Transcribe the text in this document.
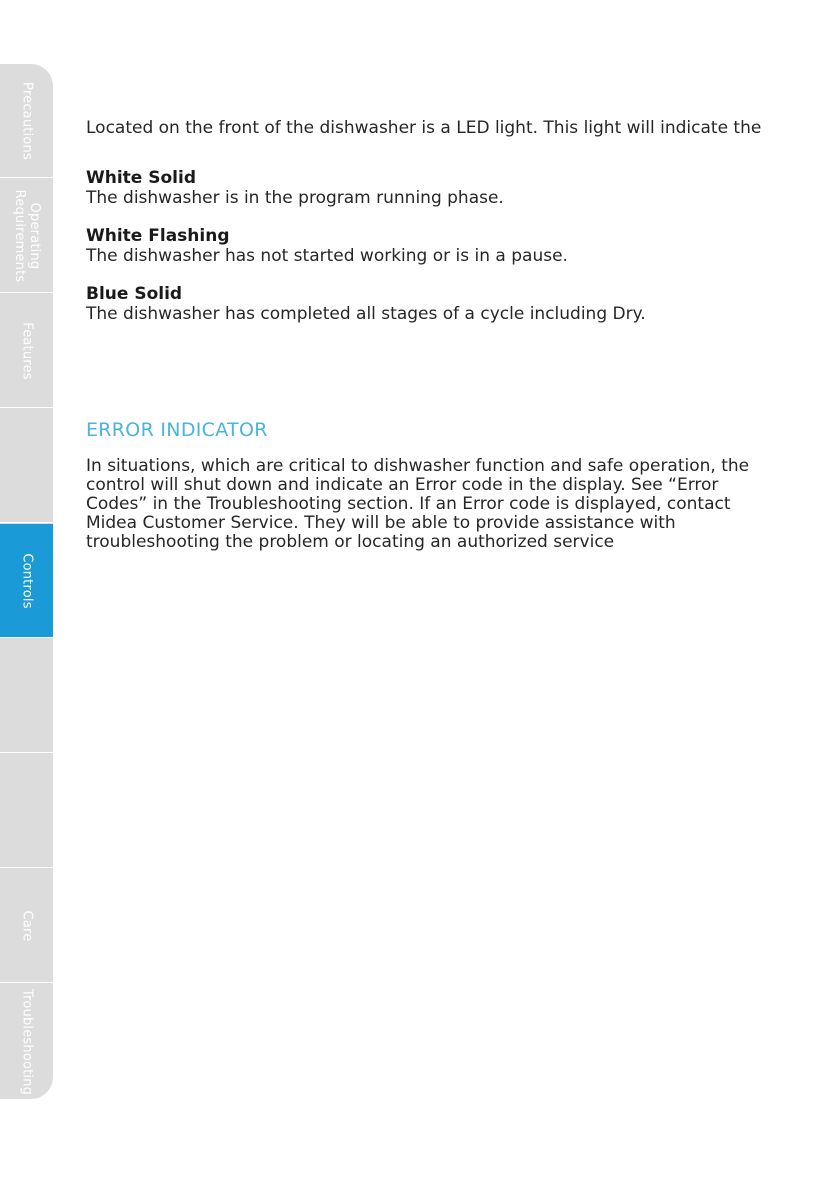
Precautions
Operating
Requirements
Features
Controls
Care
Troubleshooting

Located on the front of the dishwasher is a LED light. This light will indicate the

White Solid

The dishwasher is in the program running phase.

White Flashing

The dishwasher has not started working or is in a pause.

Blue Solid

The dishwasher has completed all stages of a cycle including Dry.

ERROR INDICATOR

In situations, which are critical to dishwasher function and safe operation, the control will shut down and indicate an Error code in the display. See “Error Codes” in the Troubleshooting section. If an Error code is displayed, contact Midea Customer Service. They will be able to provide assistance with troubleshooting the problem or locating an authorized service
